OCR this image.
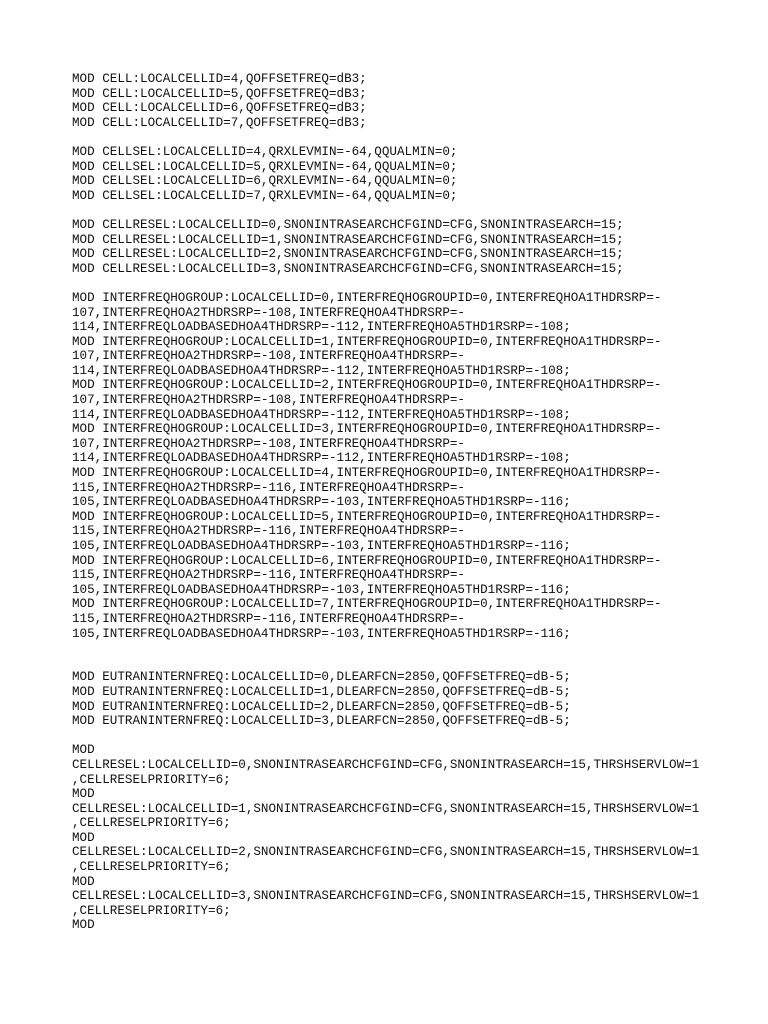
MOD CELL:LOCALCELLID=4,QOFFSETFREQ=dB3;
MOD CELL:LOCALCELLID=5,QOFFSETFREQ=dB3;
MOD CELL:LOCALCELLID=6,QOFFSETFREQ=dB3;
MOD CELL:LOCALCELLID=7,QOFFSETFREQ=dB3;
MOD CELLSEL:LOCALCELLID=4,QRXLEVMIN=-64,QQUALMIN=0;
MOD CELLSEL:LOCALCELLID=5,QRXLEVMIN=-64,QQUALMIN=0;
MOD CELLSEL:LOCALCELLID=6,QRXLEVMIN=-64,QQUALMIN=0;
MOD CELLSEL:LOCALCELLID=7,QRXLEVMIN=-64,QQUALMIN=0;
MOD CELLRESEL:LOCALCELLID=0,SNONINTRASEARCHCFGIND=CFG,SNONINTRASEARCH=15;
MOD CELLRESEL:LOCALCELLID=1,SNONINTRASEARCHCFGIND=CFG,SNONINTRASEARCH=15;
MOD CELLRESEL:LOCALCELLID=2,SNONINTRASEARCHCFGIND=CFG,SNONINTRASEARCH=15;
MOD CELLRESEL:LOCALCELLID=3,SNONINTRASEARCHCFGIND=CFG,SNONINTRASEARCH=15;
MOD INTERFREQHOGROUP:LOCALCELLID=0,INTERFREQHOGROUPID=0,INTERFREQHOA1THDRSRP=-
107,INTERFREQHOA2THDRSRP=-108,INTERFREQHOA4THDRSRP=-
114,INTERFREQLOADBASEDHOA4THDRSRP=-112,INTERFREQHOA5THD1RSRP=-108;
MOD INTERFREQHOGROUP:LOCALCELLID=1,INTERFREQHOGROUPID=0,INTERFREQHOA1THDRSRP=-
107,INTERFREQHOA2THDRSRP=-108,INTERFREQHOA4THDRSRP=-
114,INTERFREQLOADBASEDHOA4THDRSRP=-112,INTERFREQHOA5THD1RSRP=-108;
MOD INTERFREQHOGROUP:LOCALCELLID=2,INTERFREQHOGROUPID=0,INTERFREQHOA1THDRSRP=-
107,INTERFREQHOA2THDRSRP=-108,INTERFREQHOA4THDRSRP=-
114,INTERFREQLOADBASEDHOA4THDRSRP=-112,INTERFREQHOA5THD1RSRP=-108;
MOD INTERFREQHOGROUP:LOCALCELLID=3,INTERFREQHOGROUPID=0,INTERFREQHOA1THDRSRP=-
107,INTERFREQHOA2THDRSRP=-108,INTERFREQHOA4THDRSRP=-
114,INTERFREQLOADBASEDHOA4THDRSRP=-112,INTERFREQHOA5THD1RSRP=-108;
MOD INTERFREQHOGROUP:LOCALCELLID=4,INTERFREQHOGROUPID=0,INTERFREQHOA1THDRSRP=-
115,INTERFREQHOA2THDRSRP=-116,INTERFREQHOA4THDRSRP=-
105,INTERFREQLOADBASEDHOA4THDRSRP=-103,INTERFREQHOA5THD1RSRP=-116;
MOD INTERFREQHOGROUP:LOCALCELLID=5,INTERFREQHOGROUPID=0,INTERFREQHOA1THDRSRP=-
115,INTERFREQHOA2THDRSRP=-116,INTERFREQHOA4THDRSRP=-
105,INTERFREQLOADBASEDHOA4THDRSRP=-103,INTERFREQHOA5THD1RSRP=-116;
MOD INTERFREQHOGROUP:LOCALCELLID=6,INTERFREQHOGROUPID=0,INTERFREQHOA1THDRSRP=-
115,INTERFREQHOA2THDRSRP=-116,INTERFREQHOA4THDRSRP=-
105,INTERFREQLOADBASEDHOA4THDRSRP=-103,INTERFREQHOA5THD1RSRP=-116;
MOD INTERFREQHOGROUP:LOCALCELLID=7,INTERFREQHOGROUPID=0,INTERFREQHOA1THDRSRP=-
115,INTERFREQHOA2THDRSRP=-116,INTERFREQHOA4THDRSRP=-
105,INTERFREQLOADBASEDHOA4THDRSRP=-103,INTERFREQHOA5THD1RSRP=-116;
MOD EUTRANINTERNFREQ:LOCALCELLID=0,DLEARFCN=2850,QOFFSETFREQ=dB-5;
MOD EUTRANINTERNFREQ:LOCALCELLID=1,DLEARFCN=2850,QOFFSETFREQ=dB-5;
MOD EUTRANINTERNFREQ:LOCALCELLID=2,DLEARFCN=2850,QOFFSETFREQ=dB-5;
MOD EUTRANINTERNFREQ:LOCALCELLID=3,DLEARFCN=2850,QOFFSETFREQ=dB-5;
MOD
CELLRESEL:LOCALCELLID=0,SNONINTRASEARCHCFGIND=CFG,SNONINTRASEARCH=15,THRSHSERVLOW=1
,CELLRESELPRIORITY=6;
MOD
CELLRESEL:LOCALCELLID=1,SNONINTRASEARCHCFGIND=CFG,SNONINTRASEARCH=15,THRSHSERVLOW=1
,CELLRESELPRIORITY=6;
MOD
CELLRESEL:LOCALCELLID=2,SNONINTRASEARCHCFGIND=CFG,SNONINTRASEARCH=15,THRSHSERVLOW=1
,CELLRESELPRIORITY=6;
MOD
CELLRESEL:LOCALCELLID=3,SNONINTRASEARCHCFGIND=CFG,SNONINTRASEARCH=15,THRSHSERVLOW=1
,CELLRESELPRIORITY=6;
MOD
